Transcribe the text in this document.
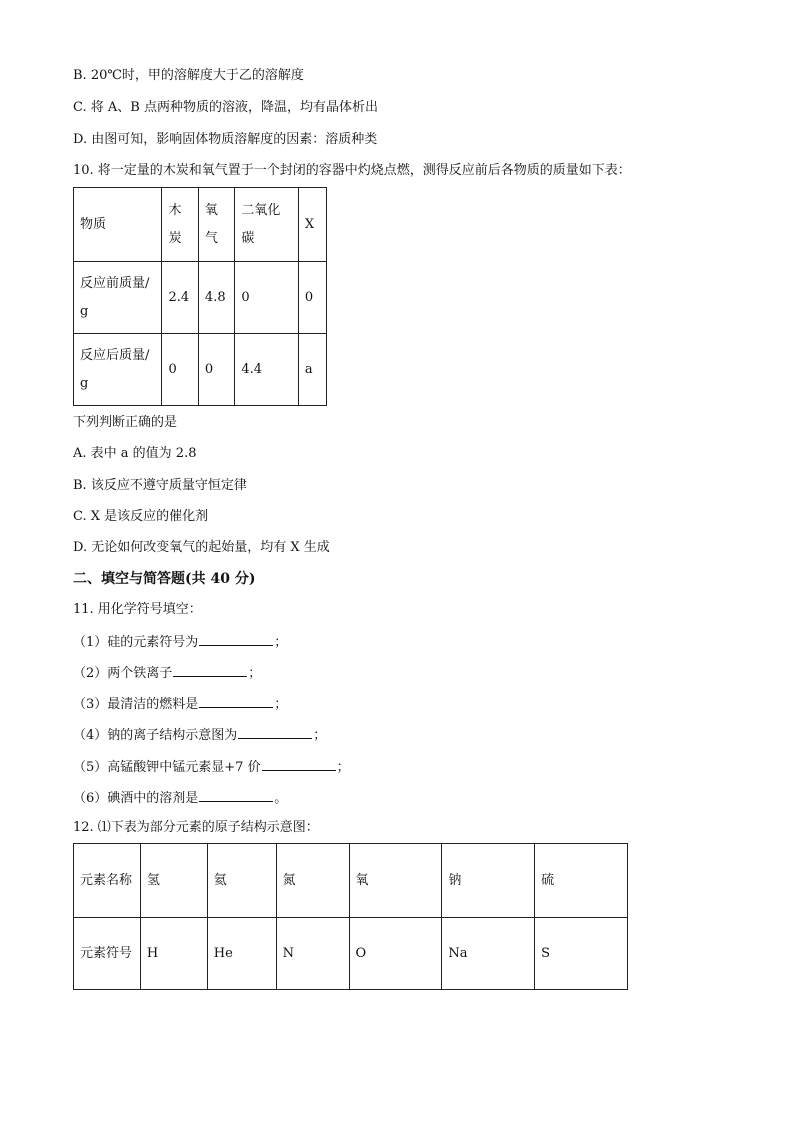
B. 20℃时，甲的溶解度大于乙的溶解度
C. 将 A、B 点两种物质的溶液，降温，均有晶体析出
D. 由图可知，影响固体物质溶解度的因素：溶质种类
10. 将一定量的木炭和氧气置于一个封闭的容器中灼烧点燃，测得反应前后各物质的质量如下表：
物质	木炭	氧气	二氧化碳	X
反应前质量/g	2.4	4.8	0	0
反应后质量/g	0	0	4.4	a
下列判断正确的是
A. 表中 a 的值为 2.8
B. 该反应不遵守质量守恒定律
C. X 是该反应的催化剂
D. 无论如何改变氧气的起始量，均有 X 生成
二、填空与简答题(共 40 分)
11. 用化学符号填空：
（1）硅的元素符号为	；
（2）两个铁离子	；
（3）最清洁的燃料是	；
（4）钠的离子结构示意图为	；
（5）高锰酸钾中锰元素显+7 价	；
（6）碘酒中的溶剂是	。
12. ⑴下表为部分元素的原子结构示意图：
元素名称	氢	氦	氮	氧	钠	硫
元素符号	H	He	N	O	Na	S
